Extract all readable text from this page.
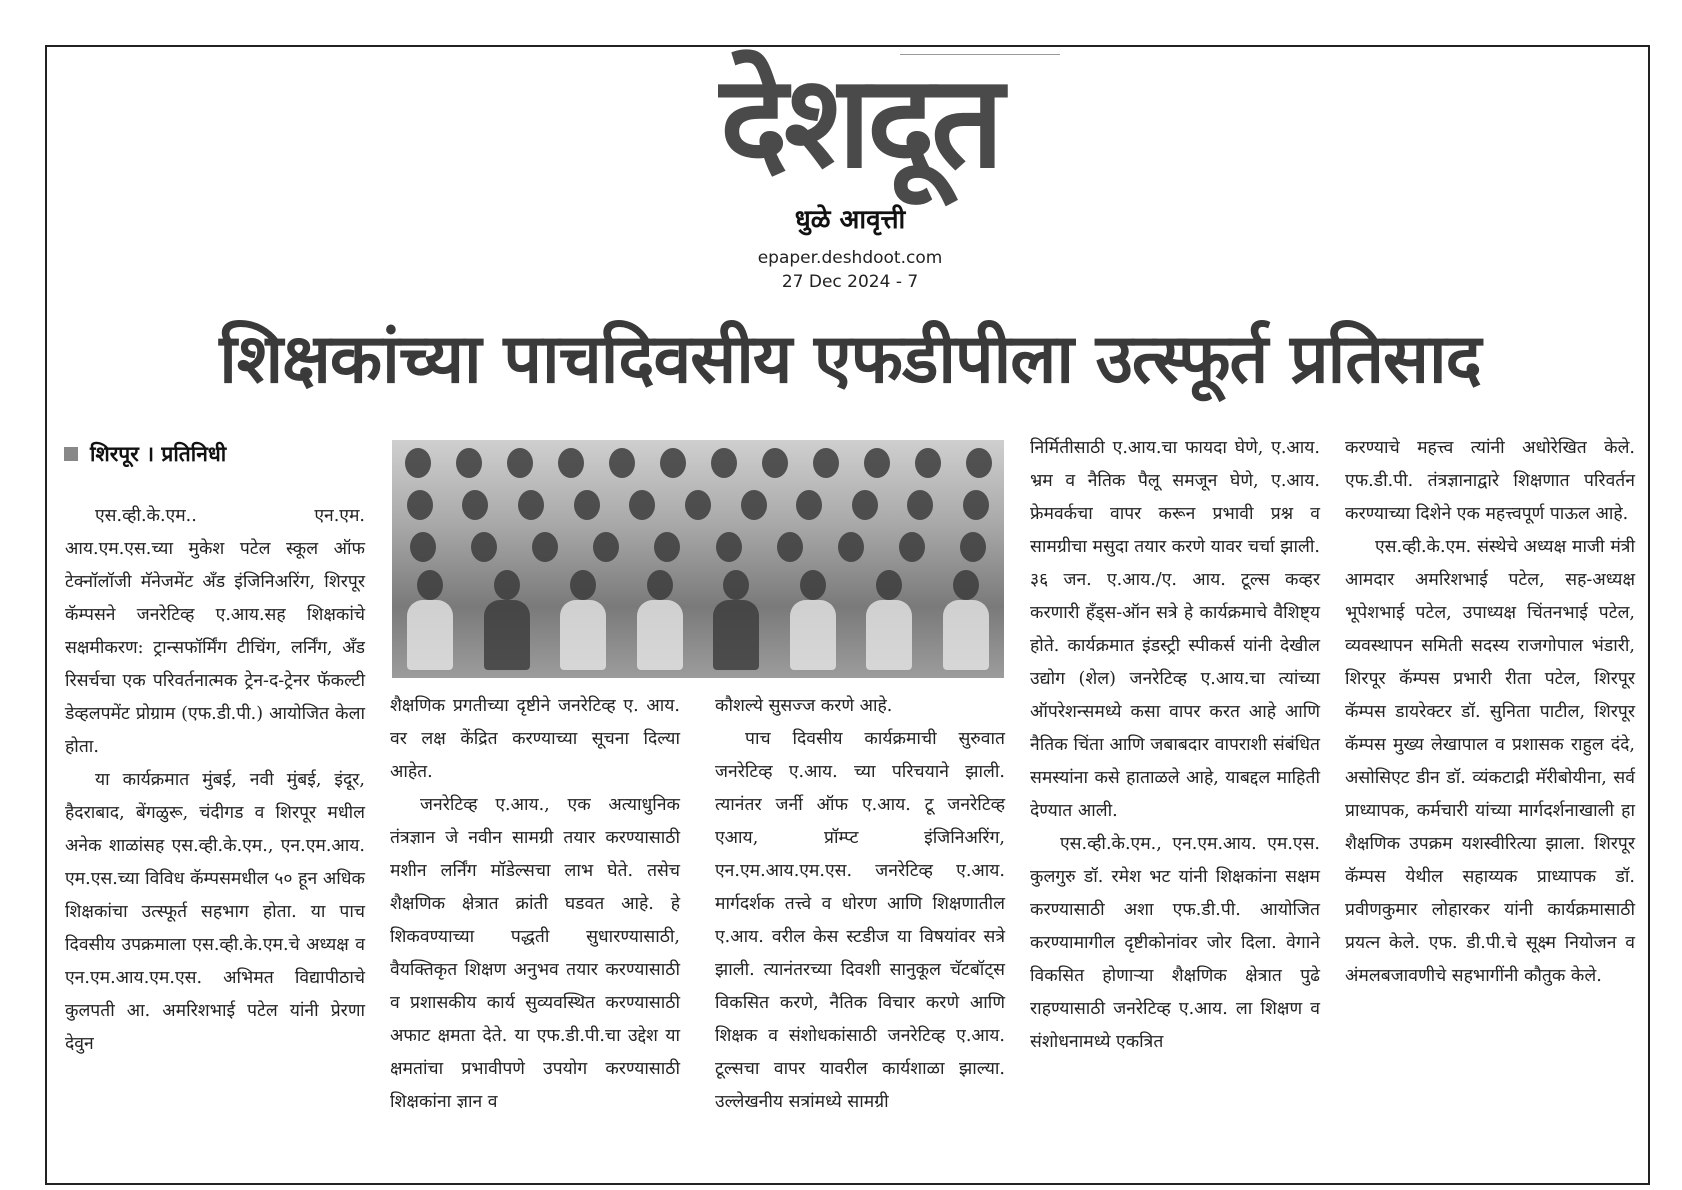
देशदूत
धुळे आवृत्ती
epaper.deshdoot.com
27 Dec 2024 - 7
शिक्षकांच्या पाचदिवसीय एफडीपीला उत्स्फूर्त प्रतिसाद
शिरपूर । प्रतिनिधी

एस.व्ही.के.एम.. एन.एम. आय.एम.एस.च्या मुकेश पटेल स्कूल ऑफ टेक्नॉलॉजी मॅनेजमेंट अँड इंजिनिअरिंग, शिरपूर कॅम्पसने जनरेटिव्ह ए.आय.सह शिक्षकांचे सक्षमीकरण: ट्रान्सफॉर्मिंग टीचिंग, लर्निंग, अँड रिसर्चचा एक परिवर्तनात्मक ट्रेन-द-ट्रेनर फॅकल्टी डेव्हलपमेंट प्रोग्राम (एफ.डी.पी.) आयोजित केला होता.

या कार्यक्रमात मुंबई, नवी मुंबई, इंदूर, हैदराबाद, बेंगळुरू, चंदीगड व शिरपूर मधील अनेक शाळांसह एस.व्ही.के.एम., एन.एम.आय. एम.एस.च्या विविध कॅम्पसमधील ५० हून अधिक शिक्षकांचा उत्स्फूर्त सहभाग होता. या पाच दिवसीय उपक्रमाला एस.व्ही.के.एम.चे अध्यक्ष व एन.एम.आय.एम.एस. अभिमत विद्यापीठाचे कुलपती आ. अमरिशभाई पटेल यांनी प्रेरणा देवुन

शैक्षणिक प्रगतीच्या दृष्टीने जनरेटिव्ह ए. आय. वर लक्ष केंद्रित करण्याच्या सूचना दिल्या आहेत.

जनरेटिव्ह ए.आय., एक अत्याधुनिक तंत्रज्ञान जे नवीन सामग्री तयार करण्यासाठी मशीन लर्निंग मॉडेल्सचा लाभ घेते. तसेच शैक्षणिक क्षेत्रात क्रांती घडवत आहे. हे शिकवण्याच्या पद्धती सुधारण्यासाठी, वैयक्तिकृत शिक्षण अनुभव तयार करण्यासाठी व प्रशासकीय कार्य सुव्यवस्थित करण्यासाठी अफाट क्षमता देते. या एफ.डी.पी.चा उद्देश या क्षमतांचा प्रभावीपणे उपयोग करण्यासाठी शिक्षकांना ज्ञान व

कौशल्ये सुसज्ज करणे आहे.

पाच दिवसीय कार्यक्रमाची सुरुवात जनरेटिव्ह ए.आय. च्या परिचयाने झाली. त्यानंतर जर्नी ऑफ ए.आय. टू जनरेटिव्ह एआय, प्रॉम्प्ट इंजिनिअरिंग, एन.एम.आय.एम.एस. जनरेटिव्ह ए.आय. मार्गदर्शक तत्त्वे व धोरण आणि शिक्षणातील ए.आय. वरील केस स्टडीज या विषयांवर सत्रे झाली. त्यानंतरच्या दिवशी सानुकूल चॅटबॉट्स विकसित करणे, नैतिक विचार करणे आणि शिक्षक व संशोधकांसाठी जनरेटिव्ह ए.आय. टूल्सचा वापर यावरील कार्यशाळा झाल्या. उल्लेखनीय सत्रांमध्ये सामग्री

निर्मितीसाठी ए.आय.चा फायदा घेणे, ए.आय. भ्रम व नैतिक पैलू समजून घेणे, ए.आय. फ्रेमवर्कचा वापर करून प्रभावी प्रश्न व सामग्रीचा मसुदा तयार करणे यावर चर्चा झाली. ३६ जन. ए.आय./ए. आय. टूल्स कव्हर करणारी हँड्स-ऑन सत्रे हे कार्यक्रमाचे वैशिष्ट्य होते. कार्यक्रमात इंडस्ट्री स्पीकर्स यांनी देखील उद्योग (शेल) जनरेटिव्ह ए.आय.चा त्यांच्या ऑपरेशन्समध्ये कसा वापर करत आहे आणि नैतिक चिंता आणि जबाबदार वापराशी संबंधित समस्यांना कसे हाताळले आहे, याबद्दल माहिती देण्यात आली.

एस.व्ही.के.एम., एन.एम.आय. एम.एस. कुलगुरु डॉ. रमेश भट यांनी शिक्षकांना सक्षम करण्यासाठी अशा एफ.डी.पी. आयोजित करण्यामागील दृष्टीकोनांवर जोर दिला. वेगाने विकसित होणाऱ्या शैक्षणिक क्षेत्रात पुढे राहण्यासाठी जनरेटिव्ह ए.आय. ला शिक्षण व संशोधनामध्ये एकत्रित

करण्याचे महत्त्व त्यांनी अधोरेखित केले. एफ.डी.पी. तंत्रज्ञानाद्वारे शिक्षणात परिवर्तन करण्याच्या दिशेने एक महत्त्वपूर्ण पाऊल आहे.

एस.व्ही.के.एम. संस्थेचे अध्यक्ष माजी मंत्री आमदार अमरिशभाई पटेल, सह-अध्यक्ष भूपेशभाई पटेल, उपाध्यक्ष चिंतनभाई पटेल, व्यवस्थापन समिती सदस्य राजगोपाल भंडारी, शिरपूर कॅम्पस प्रभारी रीता पटेल, शिरपूर कॅम्पस डायरेक्टर डॉ. सुनिता पाटील, शिरपूर कॅम्पस मुख्य लेखापाल व प्रशासक राहुल दंदे, असोसिएट डीन डॉ. व्यंकटाद्री मॅरीबोयीना, सर्व प्राध्यापक, कर्मचारी यांच्या मार्गदर्शनाखाली हा शैक्षणिक उपक्रम यशस्वीरित्या झाला. शिरपूर कॅम्पस येथील सहाय्यक प्राध्यापक डॉ. प्रवीणकुमार लोहारकर यांनी कार्यक्रमासाठी प्रयत्न केले. एफ. डी.पी.चे सूक्ष्म नियोजन व अंमलबजावणीचे सहभागींनी कौतुक केले.
